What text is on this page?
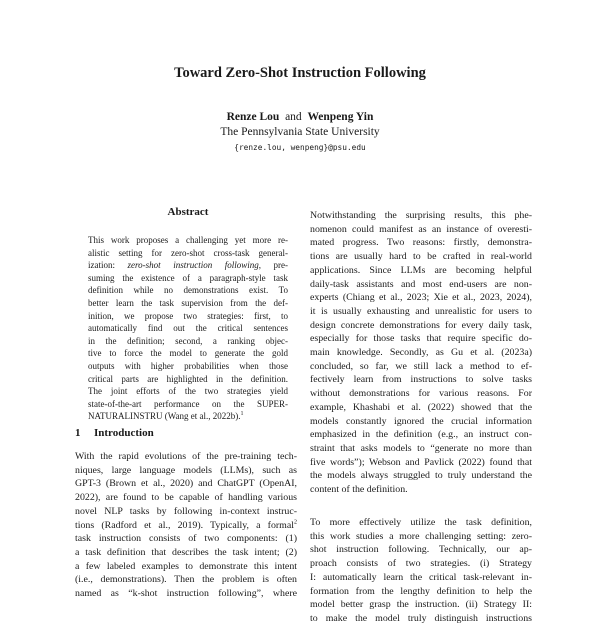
Toward Zero-Shot Instruction Following
Renze Lou and Wenpeng Yin
The Pennsylvania State University
{renze.lou, wenpeng}@psu.edu
Abstract
This work proposes a challenging yet more re-
alistic setting for zero-shot cross-task general-
ization: zero-shot instruction following, pre-
suming the existence of a paragraph-style task
definition while no demonstrations exist. To
better learn the task supervision from the def-
inition, we propose two strategies: first, to
automatically find out the critical sentences
in the definition; second, a ranking objec-
tive to force the model to generate the gold
outputs with higher probabilities when those
critical parts are highlighted in the definition.
The joint efforts of the two strategies yield
state-of-the-art performance on the SUPER-
NATURALINSTRU (Wang et al., 2022b).$^1$
1 Introduction
With the rapid evolutions of the pre-training tech-
niques, large language models (LLMs), such as
GPT-3 (Brown et al., 2020) and ChatGPT (OpenAI,
2022), are found to be capable of handling various
novel NLP tasks by following in-context instruc-
tions (Radford et al., 2019). Typically, a formal$^2$
task instruction consists of two components: (1)
a task definition that describes the task intent; (2)
a few labeled examples to demonstrate this intent
(i.e., demonstrations). Then the problem is often
named as “k-shot instruction following”, where
Notwithstanding the surprising results, this phe-
nomenon could manifest as an instance of overesti-
mated progress. Two reasons: firstly, demonstra-
tions are usually hard to be crafted in real-world
applications. Since LLMs are becoming helpful
daily-task assistants and most end-users are non-
experts (Chiang et al., 2023; Xie et al., 2023, 2024),
it is usually exhausting and unrealistic for users to
design concrete demonstrations for every daily task,
especially for those tasks that require specific do-
main knowledge. Secondly, as Gu et al. (2023a)
concluded, so far, we still lack a method to ef-
fectively learn from instructions to solve tasks
without demonstrations for various reasons. For
example, Khashabi et al. (2022) showed that the
models constantly ignored the crucial information
emphasized in the definition (e.g., an instruct con-
straint that asks models to “generate no more than
five words”); Webson and Pavlick (2022) found that
the models always struggled to truly understand the
content of the definition.
To more effectively utilize the task definition,
this work studies a more challenging setting: zero-
shot instruction following. Technically, our ap-
proach consists of two strategies. (i) Strategy
I: automatically learn the critical task-relevant in-
formation from the lengthy definition to help the
model better grasp the instruction. (ii) Strategy II:
to make the model truly distinguish instructions
